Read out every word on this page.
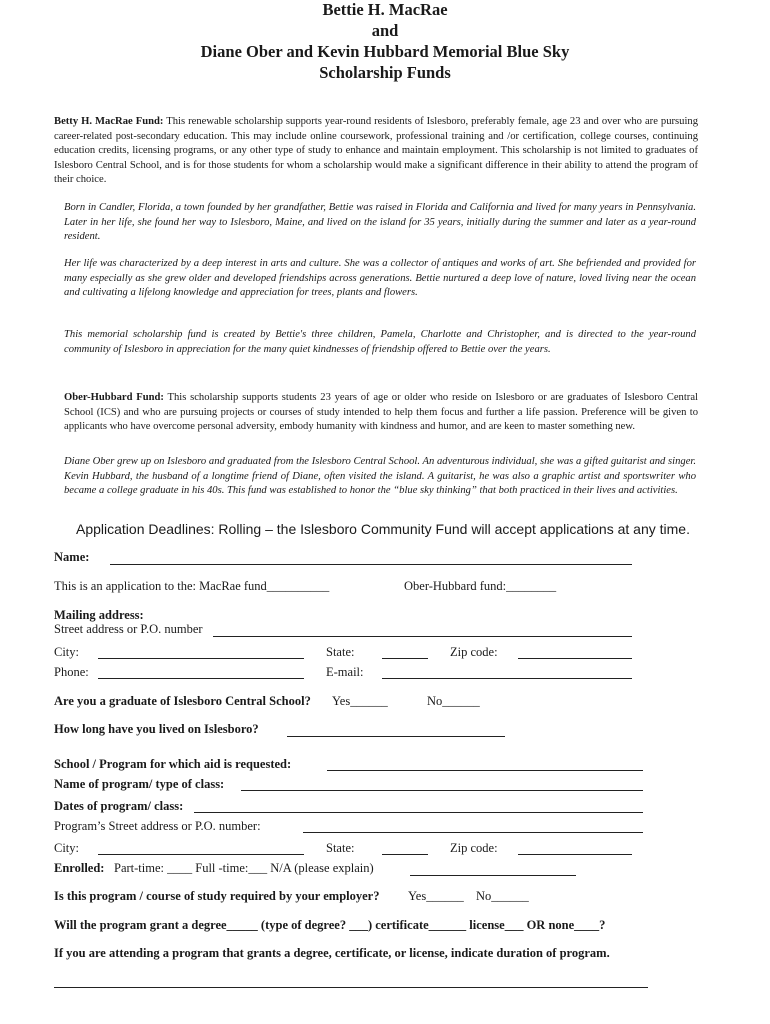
Bettie H. MacRae
and
Diane Ober and Kevin Hubbard Memorial Blue Sky
Scholarship Funds
Betty H. MacRae Fund: This renewable scholarship supports year-round residents of Islesboro, preferably female, age 23 and over who are pursuing career-related post-secondary education. This may include online coursework, professional training and /or certification, college courses, continuing education credits, licensing programs, or any other type of study to enhance and maintain employment. This scholarship is not limited to graduates of Islesboro Central School, and is for those students for whom a scholarship would make a significant difference in their ability to attend the program of their choice.
Born in Candler, Florida, a town founded by her grandfather, Bettie was raised in Florida and California and lived for many years in Pennsylvania. Later in her life, she found her way to Islesboro, Maine, and lived on the island for 35 years, initially during the summer and later as a year-round resident.
Her life was characterized by a deep interest in arts and culture. She was a collector of antiques and works of art. She befriended and provided for many especially as she grew older and developed friendships across generations. Bettie nurtured a deep love of nature, loved living near the ocean and cultivating a lifelong knowledge and appreciation for trees, plants and flowers.
This memorial scholarship fund is created by Bettie's three children, Pamela, Charlotte and Christopher, and is directed to the year-round community of Islesboro in appreciation for the many quiet kindnesses of friendship offered to Bettie over the years.
Ober-Hubbard Fund: This scholarship supports students 23 years of age or older who reside on Islesboro or are graduates of Islesboro Central School (ICS) and who are pursuing projects or courses of study intended to help them focus and further a life passion. Preference will be given to applicants who have overcome personal adversity, embody humanity with kindness and humor, and are keen to master something new.
Diane Ober grew up on Islesboro and graduated from the Islesboro Central School. An adventurous individual, she was a gifted guitarist and singer. Kevin Hubbard, the husband of a longtime friend of Diane, often visited the island. A guitarist, he was also a graphic artist and sportswriter who became a college graduate in his 40s. This fund was established to honor the “blue sky thinking” that both practiced in their lives and activities.
Application Deadlines: Rolling – the Islesboro Community Fund will accept applications at any time.
Name:
This is an application to the: MacRae fund__________	Ober-Hubbard fund:________
Mailing address:
Street address or P.O. number
City:	State:	Zip code:
Phone:	E-mail:
Are you a graduate of Islesboro Central School? Yes______	No______
How long have you lived on Islesboro?
School / Program for which aid is requested:
Name of program/ type of class:
Dates of program/ class:
Program’s Street address or P.O. number:
City:	State:	Zip code:
Enrolled: Part-time: ____ Full -time:___ N/A (please explain)
Is this program / course of study required by your employer? Yes______ No______
Will the program grant a degree_____ (type of degree? ___) certificate______ license___ OR none____?
If you are attending a program that grants a degree, certificate, or license, indicate duration of program.
